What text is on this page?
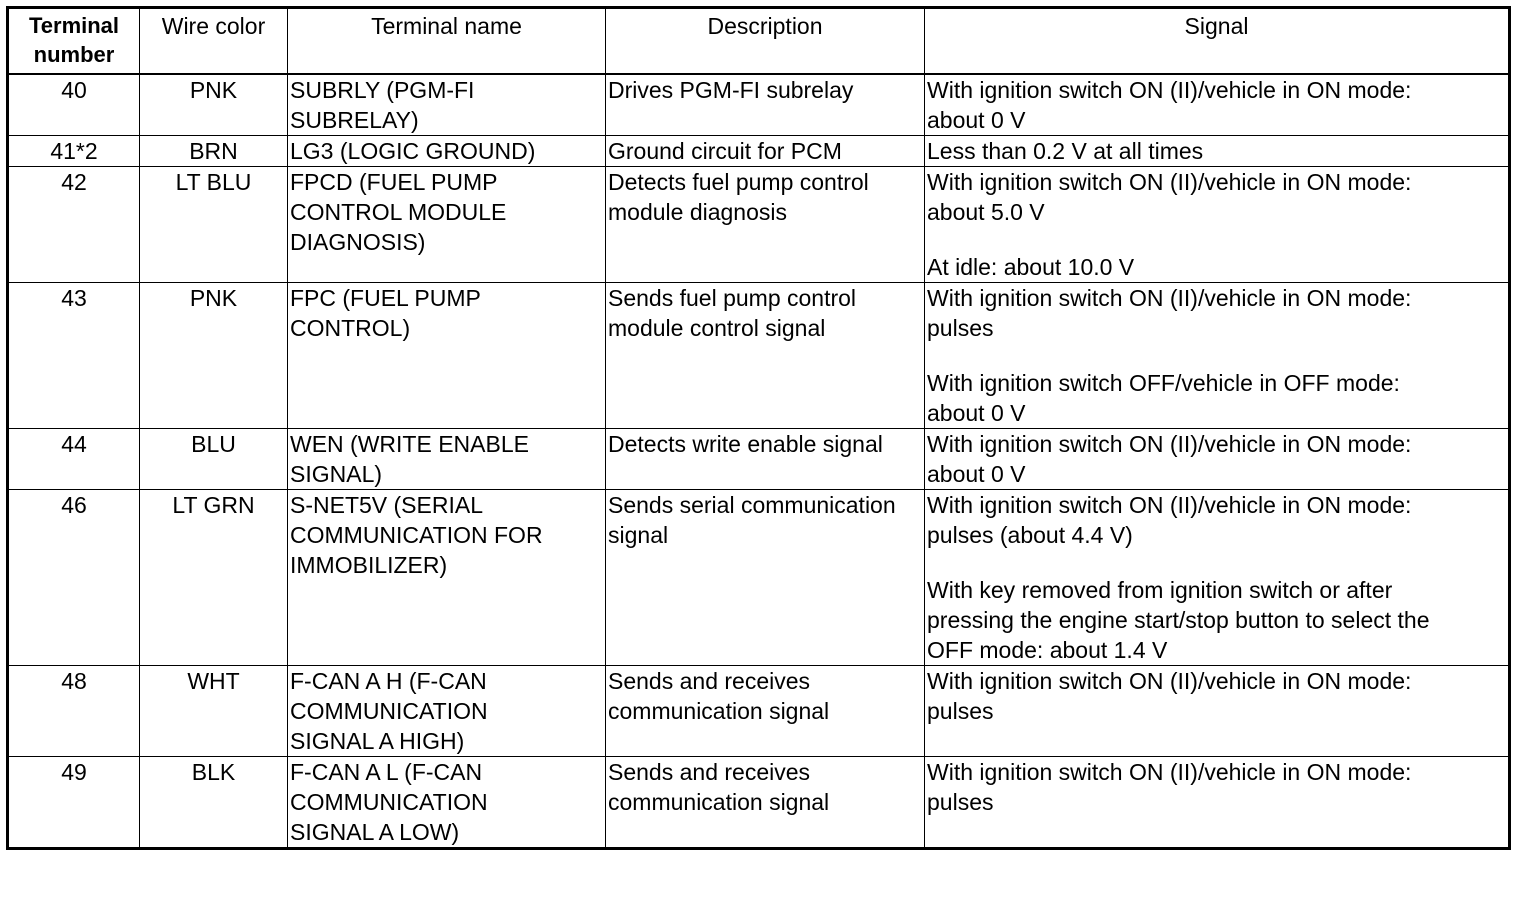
Terminal
number	Wire color	Terminal name	Description	Signal
40	PNK	SUBRLY (PGM-FI
SUBRELAY)	Drives PGM-FI subrelay	With ignition switch ON (II)/vehicle in ON mode:
about 0 V

41*2	BRN	LG3 (LOGIC GROUND)	Ground circuit for PCM	Less than 0.2 V at all times

42	LT BLU	FPCD (FUEL PUMP
CONTROL MODULE
DIAGNOSIS)	Detects fuel pump control
module diagnosis	With ignition switch ON (II)/vehicle in ON mode:
about 5.0 V
At idle: about 10.0 V

43	PNK	FPC (FUEL PUMP
CONTROL)	Sends fuel pump control
module control signal	With ignition switch ON (II)/vehicle in ON mode:
pulses
With ignition switch OFF/vehicle in OFF mode:
about 0 V

44	BLU	WEN (WRITE ENABLE
SIGNAL)	Detects write enable signal	With ignition switch ON (II)/vehicle in ON mode:
about 0 V

46	LT GRN	S-NET5V (SERIAL
COMMUNICATION FOR
IMMOBILIZER)	Sends serial communication
signal	With ignition switch ON (II)/vehicle in ON mode:
pulses (about 4.4 V)
With key removed from ignition switch or after
pressing the engine start/stop button to select the
OFF mode: about 1.4 V

48	WHT	F-CAN A H (F-CAN
COMMUNICATION
SIGNAL A HIGH)	Sends and receives
communication signal	With ignition switch ON (II)/vehicle in ON mode:
pulses

49	BLK	F-CAN A L (F-CAN
COMMUNICATION
SIGNAL A LOW)	Sends and receives
communication signal	With ignition switch ON (II)/vehicle in ON mode:
pulses
